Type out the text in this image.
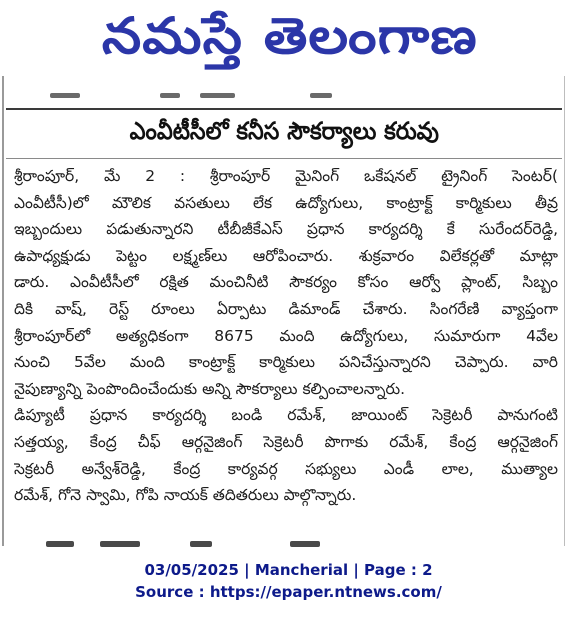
నమస్తే తెలంగాణ
ఎంవీటీసీలో కనీస సౌకర్యాలు కరువు
శ్రీరాంపూర్, మే 2 : శ్రీరాంపూర్ మైనింగ్ ఒకేషనల్ ట్రైనింగ్ సెంటర్(
ఎంవీటీసీ)లో మౌలిక వసతులు లేక ఉద్యోగులు, కాంట్రాక్ట్ కార్మికులు తీవ్ర
ఇబ్బందులు పడుతున్నారని టీబీజీకేఎస్ ప్రధాన కార్యదర్శి కే సురేందర్‌రెడ్డి,
ఉపాధ్యక్షుడు పెట్టం లక్ష్మణ్‌లు ఆరోపించారు. శుక్రవారం విలేకర్లతో మాట్లా
డారు. ఎంవీటీసీలో రక్షిత మంచినీటి సౌకర్యం కోసం ఆర్వో ప్లాంట్, సిబ్బం
దికి వాష్, రెస్ట్ రూంలు ఏర్పాటు డిమాండ్ చేశారు. సింగరేణి వ్యాప్తంగా
శ్రీరాంపూర్‌లో అత్యధికంగా 8675 మంది ఉద్యోగులు, సుమారుగా 4వేల
నుంచి 5వేల మంది కాంట్రాక్ట్ కార్మికులు పనిచేస్తున్నారని చెప్పారు. వారి
నైపుణ్యాన్ని పెంపొందించేందుకు అన్ని సౌకర్యాలు కల్పించాలన్నారు.
డిప్యూటీ ప్రధాన కార్యదర్శి బండి రమేశ్, జాయింట్ సెక్రెటరీ పానుగంటి
సత్తయ్య, కేంద్ర చీఫ్ ఆర్గనైజింగ్ సెక్రెటరీ పొగాకు రమేశ్, కేంద్ర ఆర్గనైజింగ్
సెక్రటరీ అన్వేశ్‌రెడ్డి, కేంద్ర కార్యవర్గ సభ్యులు ఎండీ లాల, ముత్యాల
రమేశ్, గోనె స్వామి, గోపి నాయక్ తదితరులు పాల్గొన్నారు.
03/05/2025 | Mancherial | Page : 2
Source : https://epaper.ntnews.com/
